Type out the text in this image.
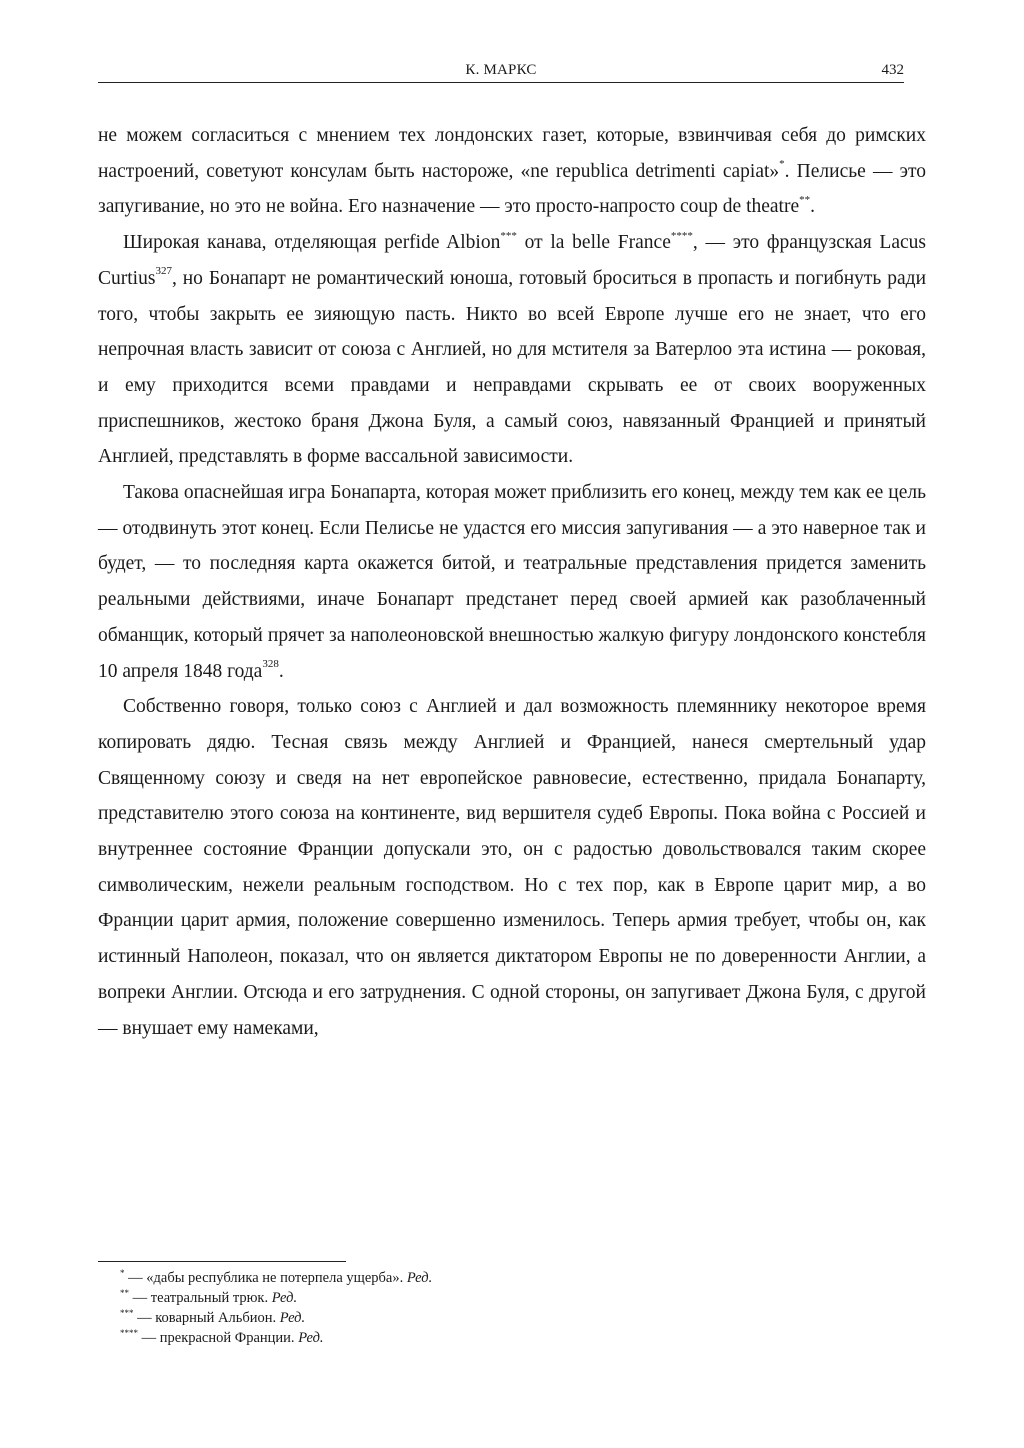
К. МАРКС	432

не можем согласиться с мнением тех лондонских газет, которые, взвинчивая себя до римских настроений, советуют консулам быть настороже, «ne republica detrimenti capiat»*. Пелисье — это запугивание, но это не война. Его назначение — это просто-напросто coup de theatre**.

Широкая канава, отделяющая perfide Albion*** от la belle France****, — это французская Lacus Curtius$^{327}$, но Бонапарт не романтический юноша, готовый броситься в пропасть и погибнуть ради того, чтобы закрыть ее зияющую пасть. Никто во всей Европе лучше его не знает, что его непрочная власть зависит от союза с Англией, но для мстителя за Ватерлоо эта истина — роковая, и ему приходится всеми правдами и неправдами скрывать ее от своих вооруженных приспешников, жестоко браня Джона Буля, а самый союз, навязанный Францией и принятый Англией, представлять в форме вассальной зависимости.

Такова опаснейшая игра Бонапарта, которая может приблизить его конец, между тем как ее цель — отодвинуть этот конец. Если Пелисье не удастся его миссия запугивания — а это наверное так и будет, — то последняя карта окажется битой, и театральные представления придется заменить реальными действиями, иначе Бонапарт предстанет перед своей армией как разоблаченный обманщик, который прячет за наполеоновской внешностью жалкую фигуру лондонского констебля 10 апреля 1848 года$^{328}$.

Собственно говоря, только союз с Англией и дал возможность племяннику некоторое время копировать дядю. Тесная связь между Англией и Францией, нанеся смертельный удар Священному союзу и сведя на нет европейское равновесие, естественно, придала Бонапарту, представителю этого союза на континенте, вид вершителя судеб Европы. Пока война с Россией и внутреннее состояние Франции допускали это, он с радостью довольствовался таким скорее символическим, нежели реальным господством. Но с тех пор, как в Европе царит мир, а во Франции царит армия, положение совершенно изменилось. Теперь армия требует, чтобы он, как истинный Наполеон, показал, что он является диктатором Европы не по доверенности Англии, а вопреки Англии. Отсюда и его затруднения. С одной стороны, он запугивает Джона Буля, с другой — внушает ему намеками,

* — «дабы республика не потерпела ущерба». Ред.
** — театральный трюк. Ред.
*** — коварный Альбион. Ред.
**** — прекрасной Франции. Ред.
